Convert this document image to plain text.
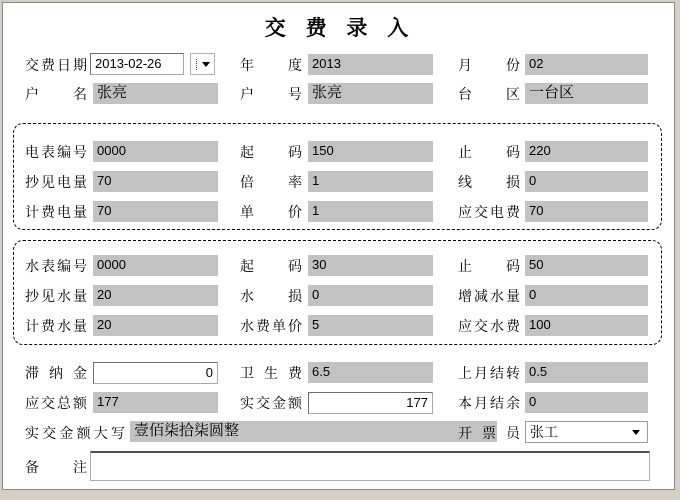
交 费 录 入
交费日期 2013-02-26	年 度 2013	月 份 02
户 名 张亮	户 号 张亮	台 区 一台区
电表编号 0000	起 码 150	止 码 220
抄见电量 70	倍 率 1	线 损 0
计费电量 70	单 价 1	应交电费 70
水表编号 0000	起 码 30	止 码 50
抄见水量 20	水 损 0	增减水量 0
计费水量 20	水费单价 5	应交水费 100
滞 纳 金	0	卫 生 费 6.5	上月结转 0.5
应交总额 177	实交金额	177	本月结余 0
实交金额大写 壹佰柒拾柒圆整	开 票 员 张工
备 注
